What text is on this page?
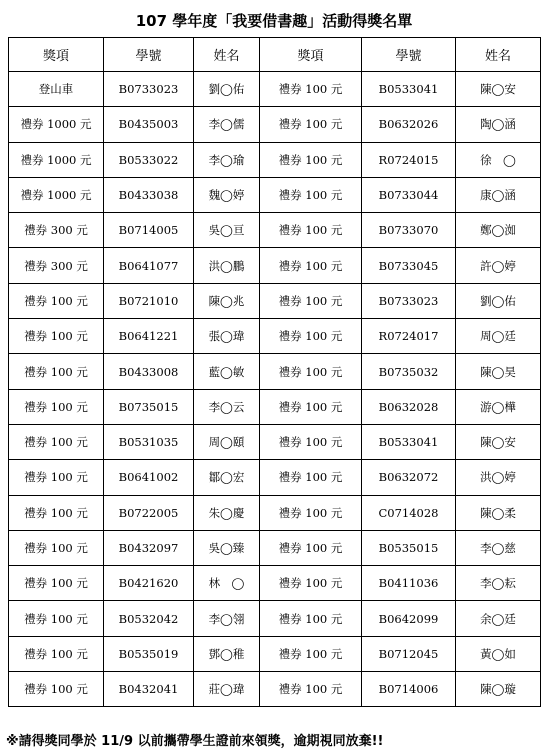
107 學年度「我要借書趣」活動得獎名單
獎項	學號	姓名	獎項	學號	姓名
登山車	B0733023	劉◯佑	禮券 100 元	B0533041	陳◯安
禮券 1000 元	B0435003	李◯儒	禮券 100 元	B0632026	陶◯涵
禮券 1000 元	B0533022	李◯瑜	禮券 100 元	R0724015	徐　◯
禮券 1000 元	B0433038	魏◯婷	禮券 100 元	B0733044	康◯涵
禮券 300 元	B0714005	吳◯亘	禮券 100 元	B0733070	鄭◯洳
禮券 300 元	B0641077	洪◯鵬	禮券 100 元	B0733045	許◯婷
禮券 100 元	B0721010	陳◯兆	禮券 100 元	B0733023	劉◯佑
禮券 100 元	B0641221	張◯瑋	禮券 100 元	R0724017	周◯廷
禮券 100 元	B0433008	藍◯敏	禮券 100 元	B0735032	陳◯昊
禮券 100 元	B0735015	李◯云	禮券 100 元	B0632028	游◯樺
禮券 100 元	B0531035	周◯頤	禮券 100 元	B0533041	陳◯安
禮券 100 元	B0641002	鄒◯宏	禮券 100 元	B0632072	洪◯婷
禮券 100 元	B0722005	朱◯慶	禮券 100 元	C0714028	陳◯柔
禮券 100 元	B0432097	吳◯臻	禮券 100 元	B0535015	李◯慈
禮券 100 元	B0421620	林　◯	禮券 100 元	B0411036	李◯耘
禮券 100 元	B0532042	李◯翎	禮券 100 元	B0642099	余◯廷
禮券 100 元	B0535019	鄧◯稚	禮券 100 元	B0712045	黃◯如
禮券 100 元	B0432041	莊◯瑋	禮券 100 元	B0714006	陳◯璇
※請得獎同學於 11/9 以前攜帶學生證前來領獎，逾期視同放棄!!
